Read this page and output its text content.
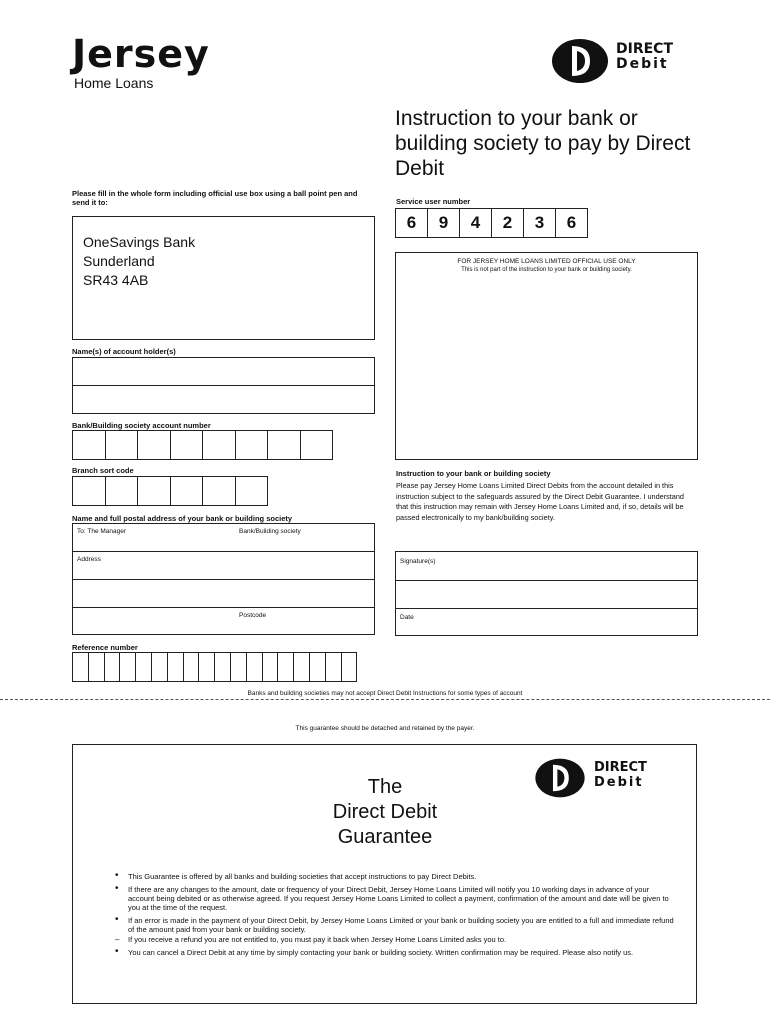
Jersey
Home Loans
DIRECT
Debit
Instruction to your bank or building society to pay by Direct Debit
Please fill in the whole form including official use box using a ball point pen and send it to:
OneSavings Bank
Sunderland
SR43 4AB
Name(s) of account holder(s)
Bank/Building society account number
Branch sort code
Name and full postal address of your bank or building society
To: The Manager	Bank/Building society
Address
Postcode
Reference number
Service user number
6	9	4	2	3	6
FOR JERSEY HOME LOANS LIMITED OFFICIAL USE ONLY
This is not part of the instruction to your bank or building society.
Instruction to your bank or building society
Please pay Jersey Home Loans Limited Direct Debits from the account detailed in this instruction subject to the safeguards assured by the Direct Debit Guarantee. I understand that this instruction may remain with Jersey Home Loans Limited and, if so, details will be passed electronically to my bank/building society.
Signature(s)
Date
Banks and building societies may not accept Direct Debit Instructions for some types of account
This guarantee should be detached and retained by the payer.
The
Direct Debit
Guarantee
DIRECT
Debit
• This Guarantee is offered by all banks and building societies that accept instructions to pay Direct Debits.
• If there are any changes to the amount, date or frequency of your Direct Debit, Jersey Home Loans Limited will notify you 10 working days in advance of your account being debited or as otherwise agreed. If you request Jersey Home Loans Limited to collect a payment, confirmation of the amount and date will be given to you at the time of the request.
• If an error is made in the payment of your Direct Debit, by Jersey Home Loans Limited or your bank or building society you are entitled to a full and immediate refund of the amount paid from your bank or building society.
– If you receive a refund you are not entitled to, you must pay it back when Jersey Home Loans Limited asks you to.
• You can cancel a Direct Debit at any time by simply contacting your bank or building society. Written confirmation may be required. Please also notify us.
